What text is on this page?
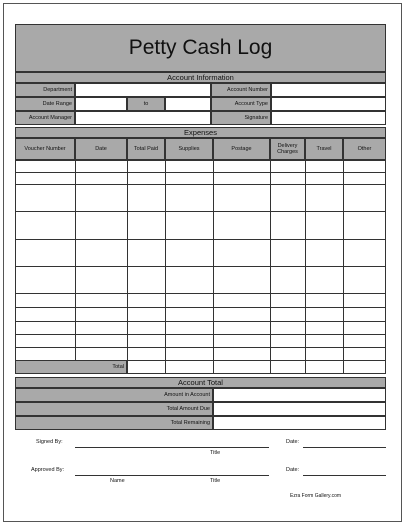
Petty Cash Log
Account Information
Department	Account Number
Date Range	to	Account Type
Account Manager	Signature
Expenses
Voucher Number	Date	Total Paid	Supplies	Postage	Delivery Charges	Travel	Other
Total
Account Total
Amount in Account
Total Amount Due
Total Remaining
Signed By:
Title
Date:
Approved By:
Name	Title
Date:
Ezra Form Gallery.com
